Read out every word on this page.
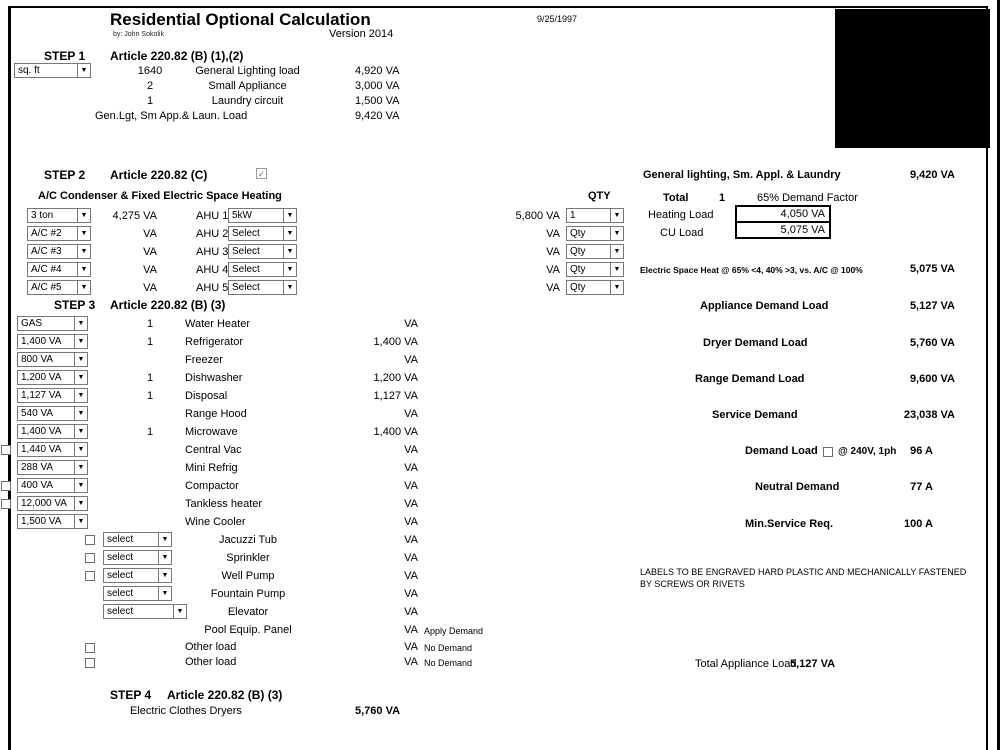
Residential Optional Calculation
by: John Sokolik	Version 2014
9/25/1997
STEP 1 Article 220.82 (B) (1),(2)
sq. ft	▼	1640	General Lighting load	4,920 VA
2	Small Appliance	3,000 VA
1	Laundry circuit	1,500 VA
Gen.Lgt, Sm App.& Laun. Load	9,420 VA
STEP 2 Article 220.82 (C)	✓	General lighting, Sm. Appl. & Laundry	9,420 VA
A/C Condenser & Fixed Electric Space Heating	QTY	Total	1	65% Demand Factor
3 ton	▼	4,275 VA	AHU 1 5kW	▼	5,800 VA	1	▼
A/C #2	▼	VA	AHU 2 Select	▼	VA	Qty	▼
A/C #3	▼	VA	AHU 3 Select	▼	VA	Qty	▼
A/C #4	▼	VA	AHU 4 Select	▼	VA	Qty	▼
A/C #5	▼	VA	AHU 5 Select	▼	VA	Qty	▼
Heating Load	4,050 VA
CU Load	5,075 VA
Electric Space Heat @ 65% <4, 40% >3, vs. A/C @ 100%	5,075 VA
STEP 3 Article 220.82 (B) (3)	Appliance Demand Load	5,127 VA
GAS	▼	1	Water Heater	VA
1,400 VA	▼	1	Refrigerator	1,400 VA
800 VA	▼	Freezer	VA
1,200 VA	▼	1	Dishwasher	1,200 VA
1,127 VA	▼	1	Disposal	1,127 VA
540 VA	▼	Range Hood	VA
1,400 VA	▼	1	Microwave	1,400 VA
1,440 VA	▼	Central Vac	VA
288 VA	▼	Mini Refrig	VA
400 VA	▼	Compactor	VA
12,000 VA	▼	Tankless heater	VA
1,500 VA	▼	Wine Cooler	VA
select	▼	Jacuzzi Tub	VA
select	▼	Sprinkler	VA
select	▼	Well Pump	VA
select	▼	Fountain Pump	VA
select	▼	Elevator	VA
Pool Equip. Panel	VA Apply Demand
Other load	VA No Demand
Other load	VA No Demand
Dryer Demand Load	5,760 VA
Range Demand Load	9,600 VA
Service Demand	23,038 VA
Demand Load @ 240V, 1ph	96 A
Neutral Demand	77 A
Min.Service Req.	100 A
LABELS TO BE ENGRAVED HARD PLASTIC AND MECHANICALLY FASTENED BY SCREWS OR RIVETS
Total Appliance Load
5,127 VA
STEP 4 Article 220.82 (B) (3)
Electric Clothes Dryers	5,760 VA
